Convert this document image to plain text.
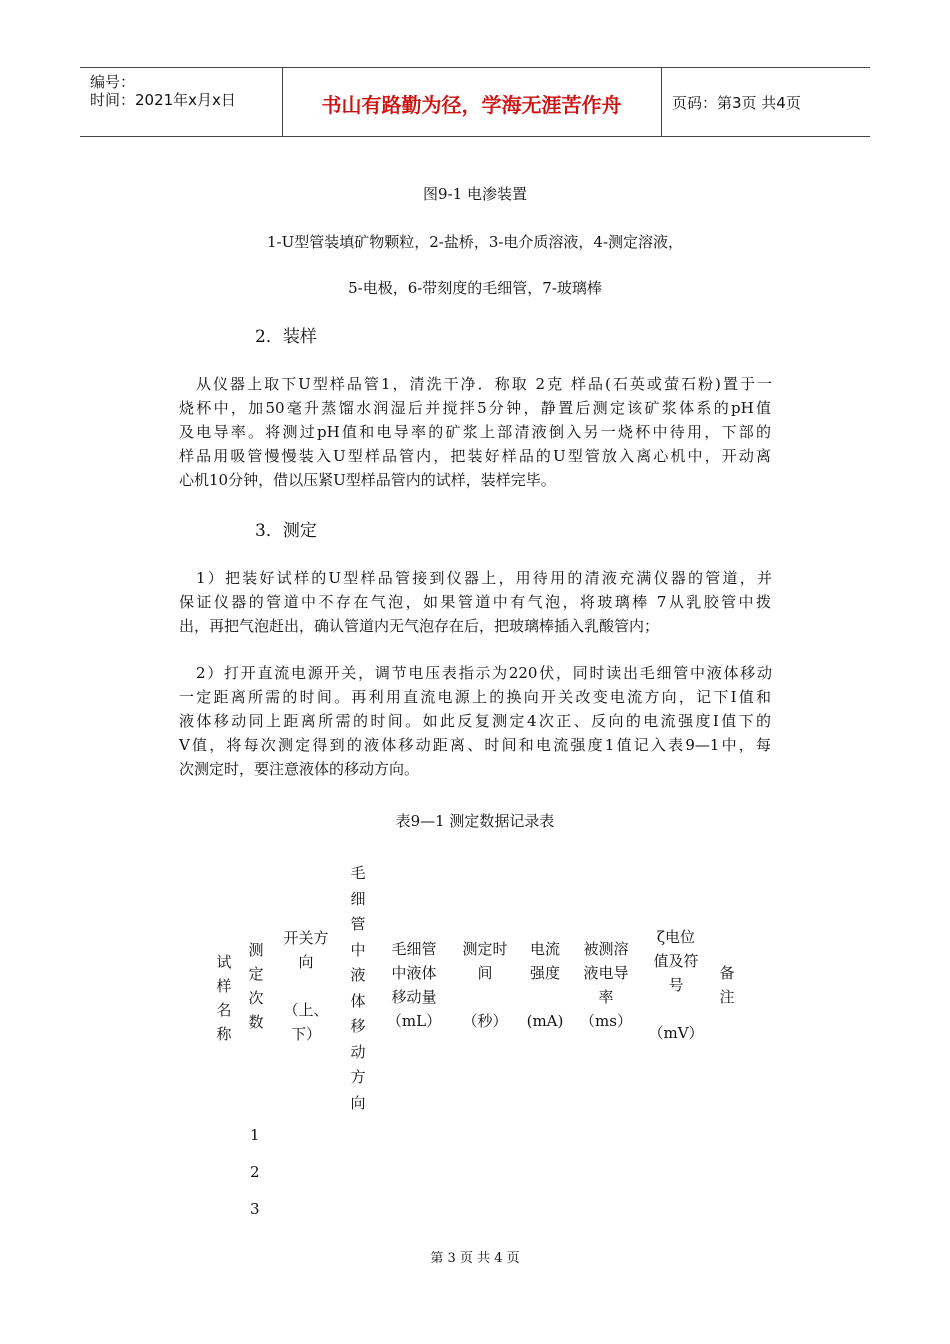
编号：
时间：2021年x月x日	书山有路勤为径，学海无涯苦作舟	页码：第3页 共4页
图9-1 电渗装置
1-U型管装填矿物颗粒，2-盐桥，3-电介质溶液，4-测定溶液，
5-电极，6-带刻度的毛细管，7-玻璃棒
2．装样

从仪器上取下U型样品管1，清洗干净．称取 2克 样品(石英或萤石粉)置于一

烧杯中，加50毫升蒸馏水润湿后并搅拌5分钟，静置后测定该矿浆体系的pH值

及电导率。将测过pH值和电导率的矿浆上部清液倒入另一烧杯中待用，下部的

样品用吸管慢慢装入U型样品管内，把装好样品的U型管放入离心机中，开动离

心机10分钟，借以压紧U型样品管内的试样，装样完毕。

3．测定

1）把装好试样的U型样品管接到仪器上，用待用的清液充满仪器的管道，并

保证仪器的管道中不存在气泡，如果管道中有气泡，将玻璃棒 7从乳胶管中拨

出，再把气泡赶出，确认管道内无气泡存在后，把玻璃棒插入乳酸管内；

2）打开直流电源开关，调节电压表指示为220伏，同时读出毛细管中液体移动

一定距离所需的时间。再利用直流电源上的换向开关改变电流方向，记下I值和

液体移动同上距离所需的时间。如此反复测定4次正、反向的电流强度I值下的

V值，将每次测定得到的液体移动距离、时间和电流强度1值记入表9—1中，每

次测定时，要注意液体的移动方向。

表9—1 测定数据记录表
试
样
名
称
测
定
次
数
开关方
向

（上、
下）
毛
细
管
中
液
体
移
动
方
向
毛细管
中液体
移动量
（mL）
测定时
间

（秒）
电流
强度

(mA)
被测溶
液电导
率
（ms）
ζ电位
值及符
号

（mV）
备
注
1
2
3
第 3 页 共 4 页
